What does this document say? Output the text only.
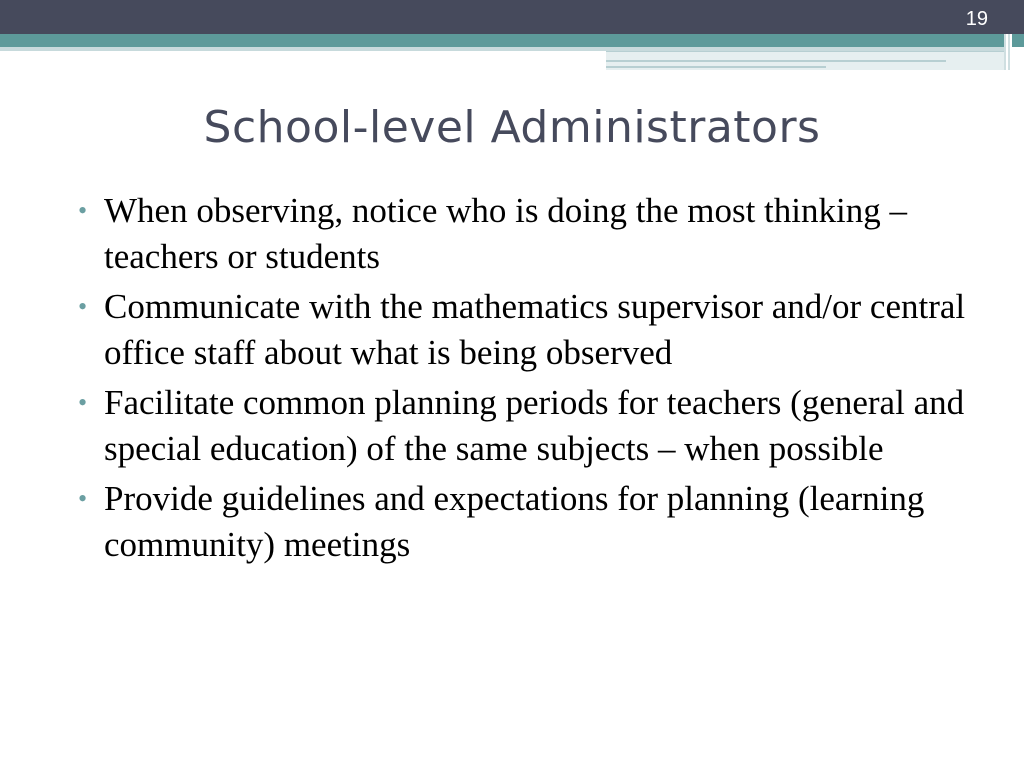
19
School-level Administrators
• When observing, notice who is doing the most thinking – teachers or students
• Communicate with the mathematics supervisor and/or central office staff about what is being observed
• Facilitate common planning periods for teachers (general and special education) of the same subjects – when possible
• Provide guidelines and expectations for planning (learning community) meetings
